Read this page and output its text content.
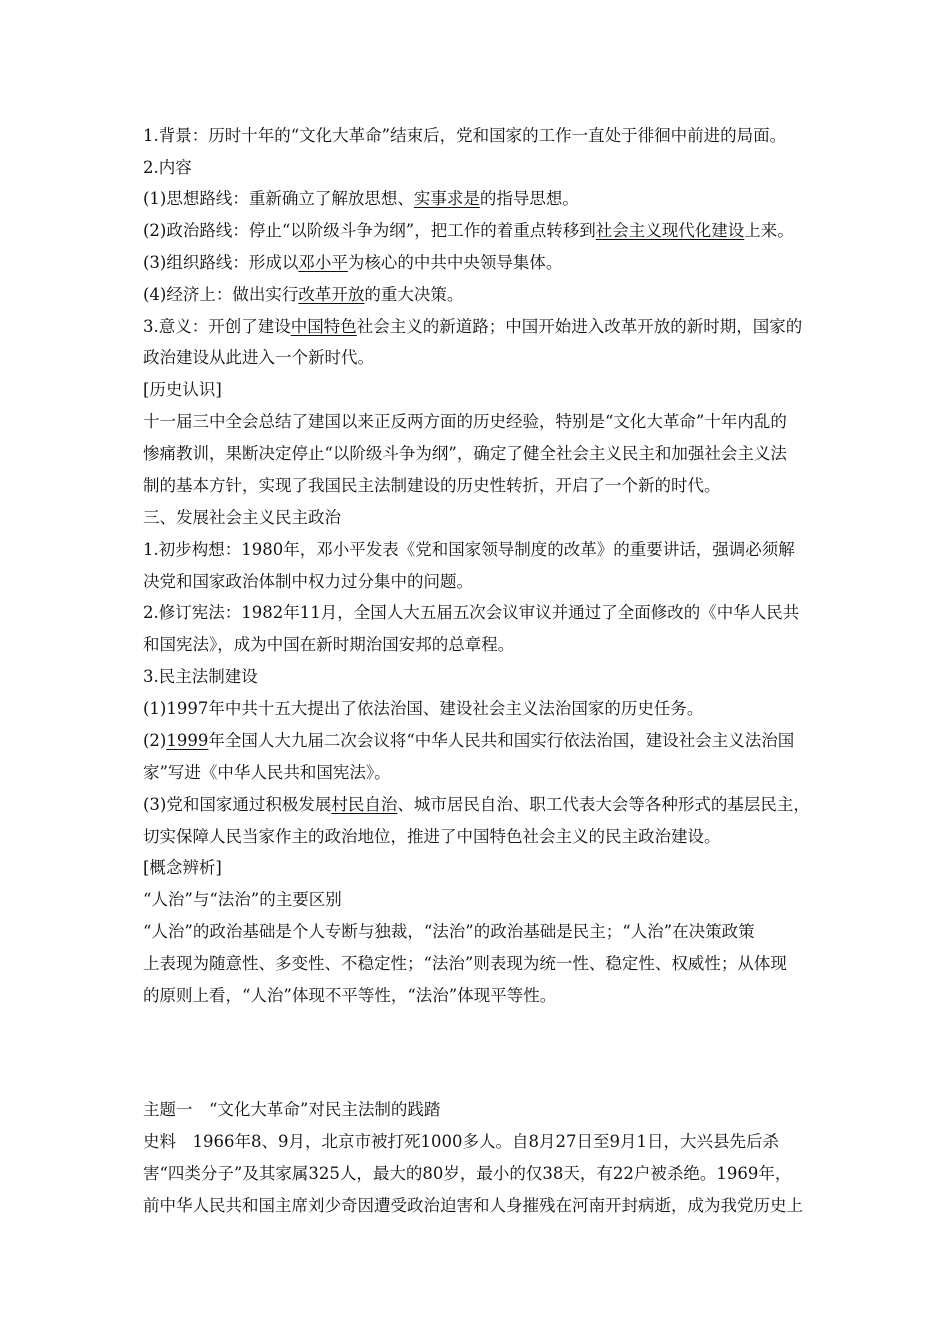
1.背景：历时十年的“文化大革命”结束后，党和国家的工作一直处于徘徊中前进的局面。
2.内容
(1)思想路线：重新确立了解放思想、实事求是的指导思想。
(2)政治路线：停止“以阶级斗争为纲”，把工作的着重点转移到社会主义现代化建设上来。
(3)组织路线：形成以邓小平为核心的中共中央领导集体。
(4)经济上：做出实行改革开放的重大决策。
3.意义：开创了建设中国特色社会主义的新道路；中国开始进入改革开放的新时期，国家的
政治建设从此进入一个新时代。
[历史认识]
十一届三中全会总结了建国以来正反两方面的历史经验，特别是“文化大革命”十年内乱的
惨痛教训，果断决定停止“以阶级斗争为纲”，确定了健全社会主义民主和加强社会主义法
制的基本方针，实现了我国民主法制建设的历史性转折，开启了一个新的时代。
三、发展社会主义民主政治
1.初步构想：1980年，邓小平发表《党和国家领导制度的改革》的重要讲话，强调必须解
决党和国家政治体制中权力过分集中的问题。
2.修订宪法：1982年11月，全国人大五届五次会议审议并通过了全面修改的《中华人民共
和国宪法》，成为中国在新时期治国安邦的总章程。
3.民主法制建设
(1)1997年中共十五大提出了依法治国、建设社会主义法治国家的历史任务。
(2)1999年全国人大九届二次会议将“中华人民共和国实行依法治国，建设社会主义法治国
家”写进《中华人民共和国宪法》。
(3)党和国家通过积极发展村民自治、城市居民自治、职工代表大会等各种形式的基层民主，
切实保障人民当家作主的政治地位，推进了中国特色社会主义的民主政治建设。
[概念辨析]
“人治”与“法治”的主要区别
“人治”的政治基础是个人专断与独裁，“法治”的政治基础是民主；“人治”在决策政策
上表现为随意性、多变性、不稳定性；“法治”则表现为统一性、稳定性、权威性；从体现
的原则上看，“人治”体现不平等性，“法治”体现平等性。
主题一　“文化大革命”对民主法制的践踏
史料　1966年8、9月，北京市被打死1000多人。自8月27日至9月1日，大兴县先后杀
害“四类分子”及其家属325人，最大的80岁，最小的仅38天，有22户被杀绝。1969年，
前中华人民共和国主席刘少奇因遭受政治迫害和人身摧残在河南开封病逝，成为我党历史上
